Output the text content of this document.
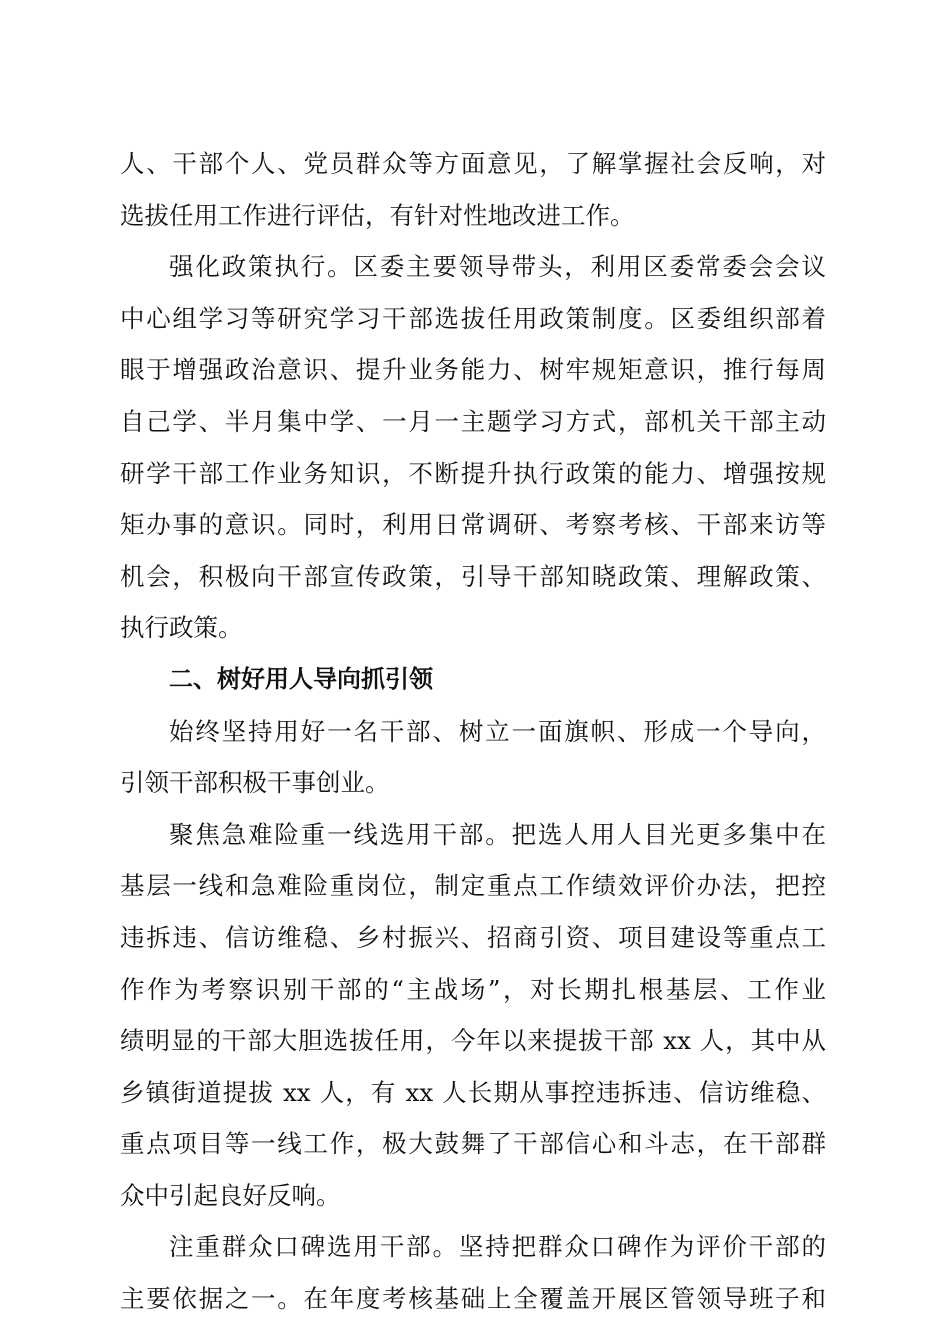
人、干部个人、党员群众等方面意见，了解掌握社会反响，对
选拔任用工作进行评估，有针对性地改进工作。
强化政策执行。区委主要领导带头，利用区委常委会会议
中心组学习等研究学习干部选拔任用政策制度。区委组织部着
眼于增强政治意识、提升业务能力、树牢规矩意识，推行每周
自己学、半月集中学、一月一主题学习方式，部机关干部主动
研学干部工作业务知识，不断提升执行政策的能力、增强按规
矩办事的意识。同时，利用日常调研、考察考核、干部来访等
机会，积极向干部宣传政策，引导干部知晓政策、理解政策、
执行政策。
二、树好用人导向抓引领
始终坚持用好一名干部、树立一面旗帜、形成一个导向，
引领干部积极干事创业。
聚焦急难险重一线选用干部。把选人用人目光更多集中在
基层一线和急难险重岗位，制定重点工作绩效评价办法，把控
违拆违、信访维稳、乡村振兴、招商引资、项目建设等重点工
作作为考察识别干部的“主战场”，对长期扎根基层、工作业
绩明显的干部大胆选拔任用，今年以来提拔干部 xx 人，其中从
乡镇街道提拔 xx 人，有 xx 人长期从事控违拆违、信访维稳、
重点项目等一线工作，极大鼓舞了干部信心和斗志，在干部群
众中引起良好反响。
注重群众口碑选用干部。坚持把群众口碑作为评价干部的
主要依据之一。在年度考核基础上全覆盖开展区管领导班子和
